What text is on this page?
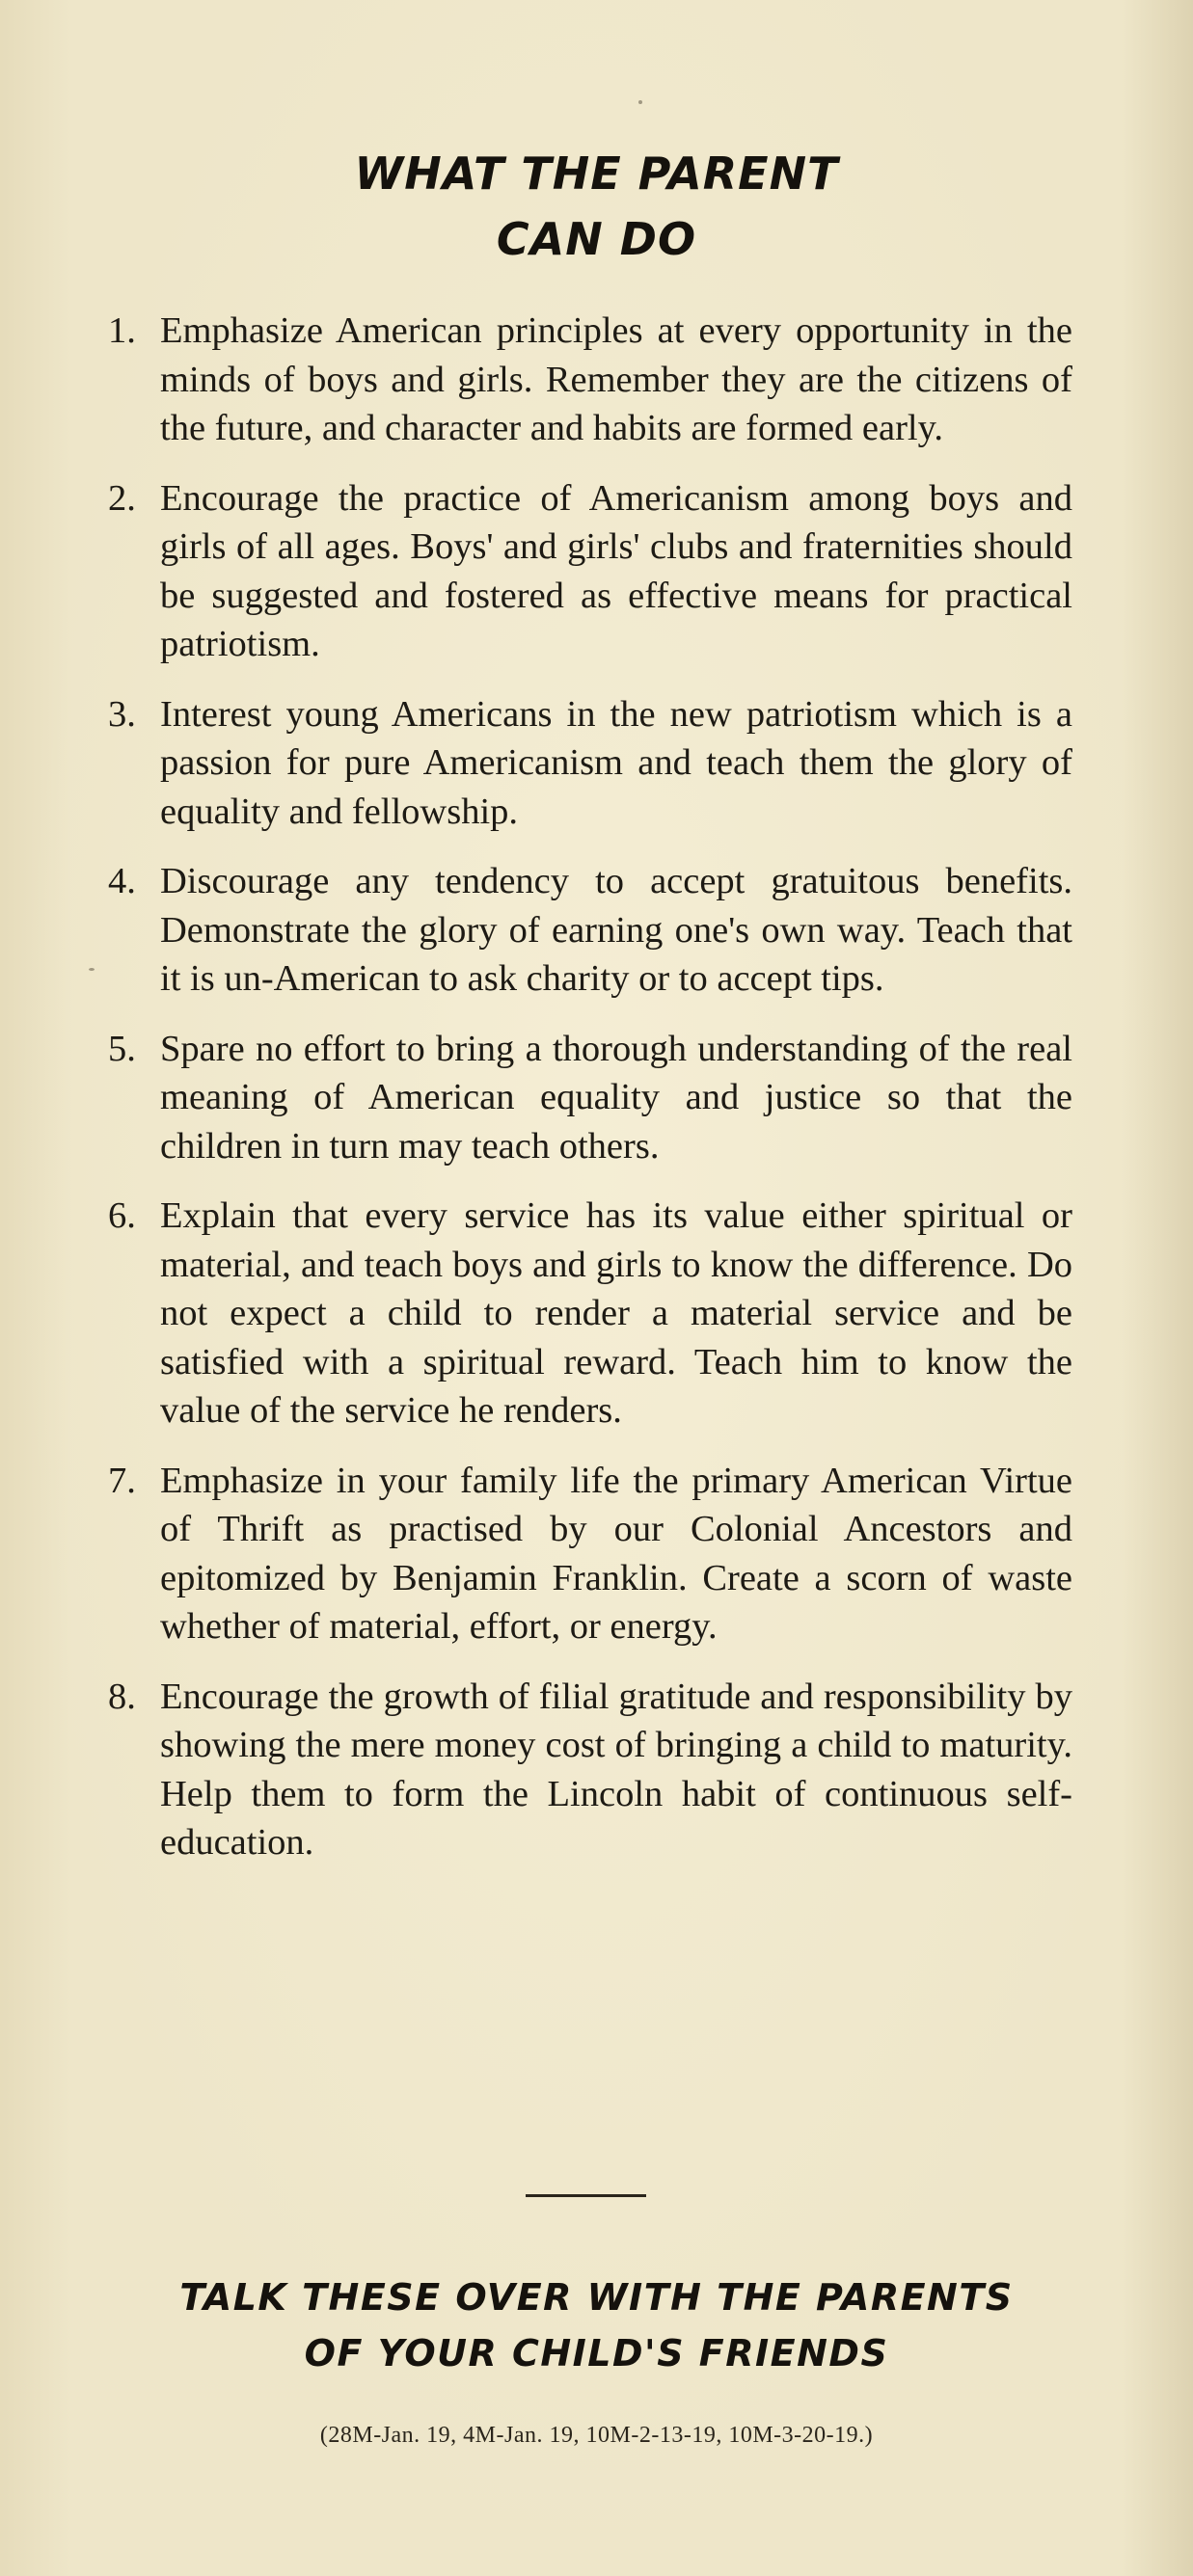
WHAT THE PARENT
CAN DO
1. Emphasize American principles at every opportunity in the minds of boys and girls. Remember they are the citizens of the future, and character and habits are formed early.
2. Encourage the practice of Americanism among boys and girls of all ages. Boys' and girls' clubs and fraternities should be suggested and fostered as effective means for practical patriotism.
3. Interest young Americans in the new patriotism which is a passion for pure Americanism and teach them the glory of equality and fellowship.
4. Discourage any tendency to accept gratuitous benefits. Demonstrate the glory of earning one's own way. Teach that it is un-American to ask charity or to accept tips.
5. Spare no effort to bring a thorough understanding of the real meaning of American equality and justice so that the children in turn may teach others.
6. Explain that every service has its value either spiritual or material, and teach boys and girls to know the difference. Do not expect a child to render a material service and be satisfied with a spiritual reward. Teach him to know the value of the service he renders.
7. Emphasize in your family life the primary American Virtue of Thrift as practised by our Colonial Ancestors and epitomized by Benjamin Franklin. Create a scorn of waste whether of material, effort, or energy.
8. Encourage the growth of filial gratitude and responsibility by showing the mere money cost of bringing a child to maturity. Help them to form the Lincoln habit of continuous self-education.

TALK THESE OVER WITH THE PARENTS

OF YOUR CHILD'S FRIENDS

(28M-Jan. 19, 4M-Jan. 19, 10M-2-13-19, 10M-3-20-19.)
